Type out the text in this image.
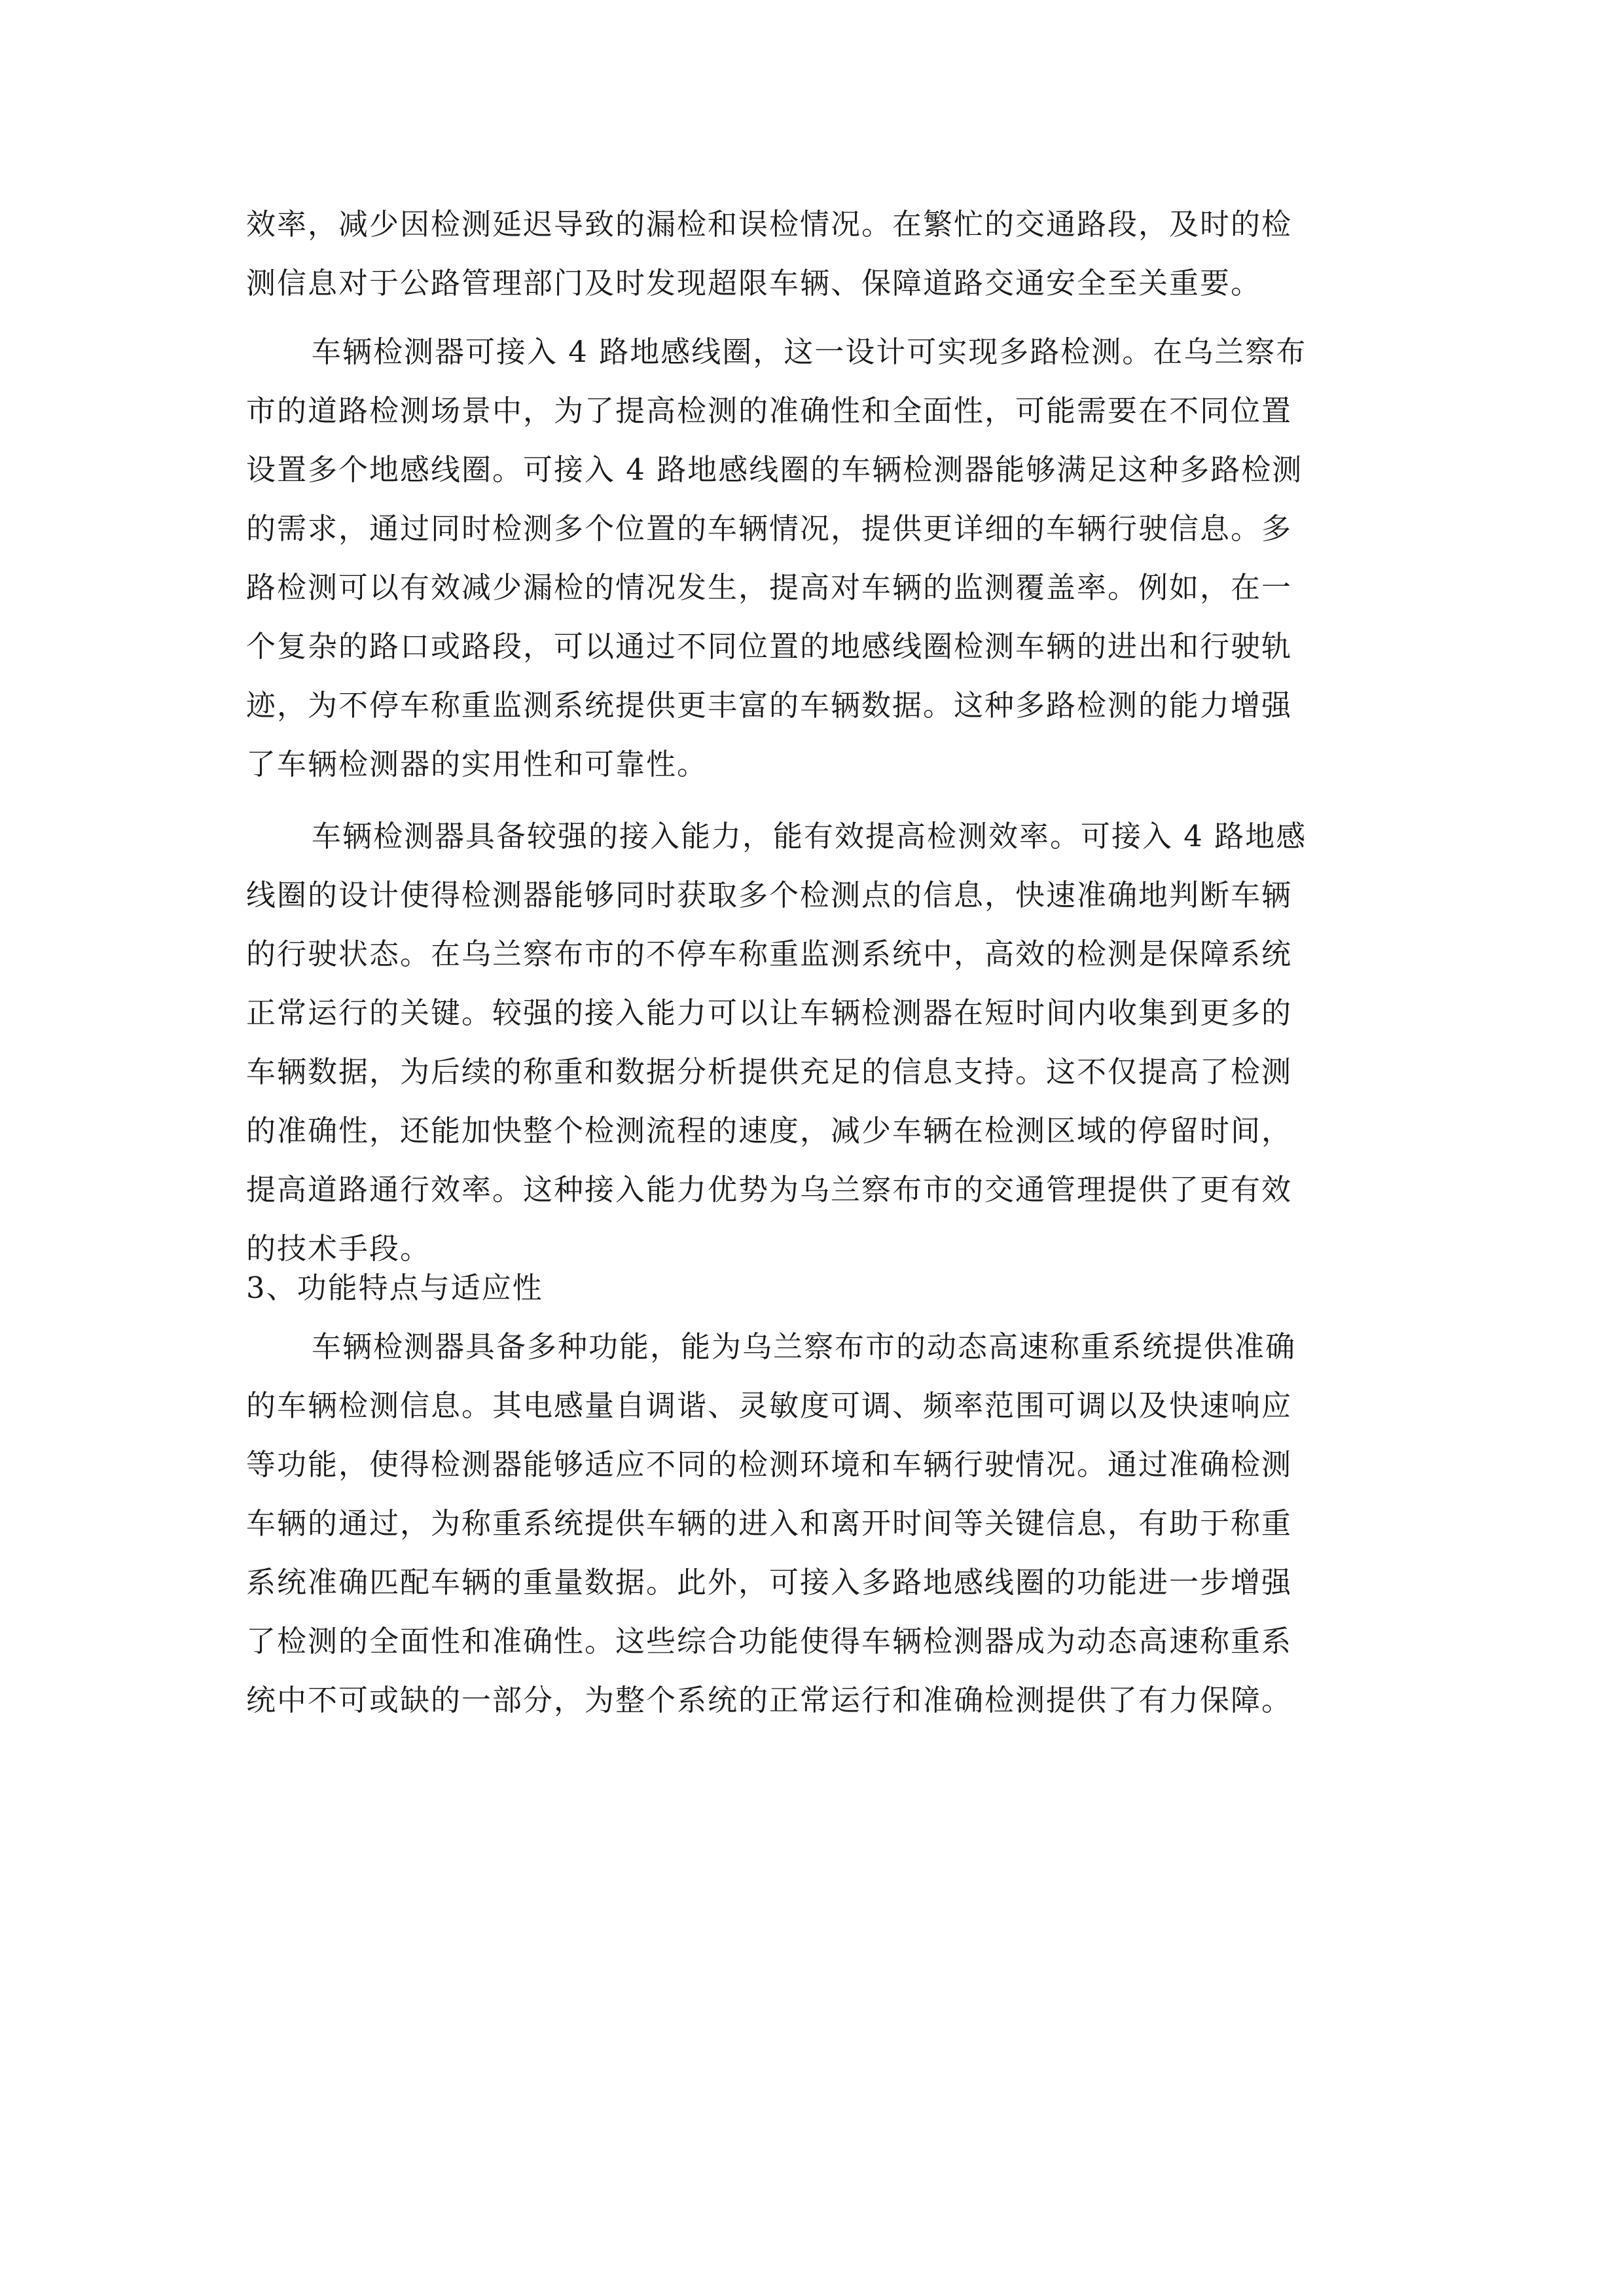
效率，减少因检测延迟导致的漏检和误检情况。在繁忙的交通路段，及时的检
测信息对于公路管理部门及时发现超限车辆、保障道路交通安全至关重要。
车辆检测器可接入 4 路地感线圈，这一设计可实现多路检测。在乌兰察布
市的道路检测场景中，为了提高检测的准确性和全面性，可能需要在不同位置
设置多个地感线圈。可接入 4 路地感线圈的车辆检测器能够满足这种多路检测
的需求，通过同时检测多个位置的车辆情况，提供更详细的车辆行驶信息。多
路检测可以有效减少漏检的情况发生，提高对车辆的监测覆盖率。例如，在一
个复杂的路口或路段，可以通过不同位置的地感线圈检测车辆的进出和行驶轨
迹，为不停车称重监测系统提供更丰富的车辆数据。这种多路检测的能力增强
了车辆检测器的实用性和可靠性。
车辆检测器具备较强的接入能力，能有效提高检测效率。可接入 4 路地感
线圈的设计使得检测器能够同时获取多个检测点的信息，快速准确地判断车辆
的行驶状态。在乌兰察布市的不停车称重监测系统中，高效的检测是保障系统
正常运行的关键。较强的接入能力可以让车辆检测器在短时间内收集到更多的
车辆数据，为后续的称重和数据分析提供充足的信息支持。这不仅提高了检测
的准确性，还能加快整个检测流程的速度，减少车辆在检测区域的停留时间，
提高道路通行效率。这种接入能力优势为乌兰察布市的交通管理提供了更有效
的技术手段。
3、功能特点与适应性
车辆检测器具备多种功能，能为乌兰察布市的动态高速称重系统提供准确
的车辆检测信息。其电感量自调谐、灵敏度可调、频率范围可调以及快速响应
等功能，使得检测器能够适应不同的检测环境和车辆行驶情况。通过准确检测
车辆的通过，为称重系统提供车辆的进入和离开时间等关键信息，有助于称重
系统准确匹配车辆的重量数据。此外，可接入多路地感线圈的功能进一步增强
了检测的全面性和准确性。这些综合功能使得车辆检测器成为动态高速称重系
统中不可或缺的一部分，为整个系统的正常运行和准确检测提供了有力保障。
